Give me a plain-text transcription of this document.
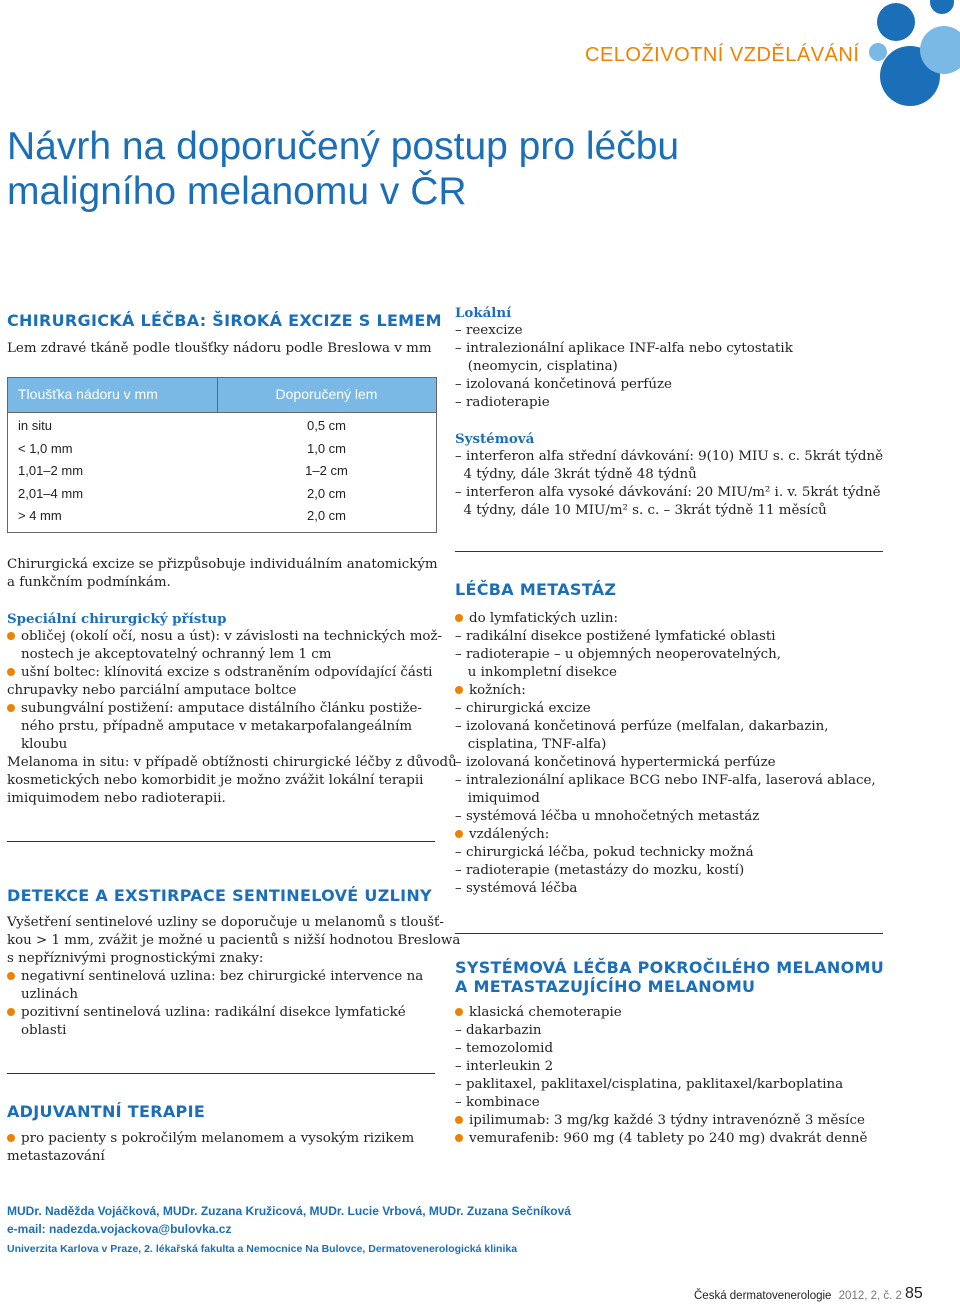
CELOŽIVOTNÍ VZDĚLÁVÁNÍ
Návrh na doporučený postup pro léčbu
maligního melanomu v ČR
CHIRURGICKÁ LÉČBA: ŠIROKÁ EXCIZE S LEMEM
Lem zdravé tkáně podle tloušťky nádoru podle Breslowa v mm
Tloušťka nádoru v mm	Doporučený lem
in situ	0,5 cm
< 1,0 mm	1,0 cm
1,01–2 mm	1–2 cm
2,01–4 mm	2,0 cm
> 4 mm	2,0 cm
Chirurgická excize se přizpůsobuje individuálním anatomickým
a funkčním podmínkám.
Speciální chirurgický přístup
obličej (okolí očí, nosu a úst): v závislosti na technických mož-
nostech je akceptovatelný ochranný lem 1 cm
ušní boltec: klínovitá excize s odstraněním odpovídající části
chrupavky nebo parciální amputace boltce
subungvální postižení: amputace distálního článku postiže-
ného prstu, případně amputace v metakarpofalangeálním
kloubu
Melanoma in situ: v případě obtížnosti chirurgické léčby z důvodů
kosmetických nebo komorbidit je možno zvážit lokální terapii
imiquimodem nebo radioterapii.
DETEKCE A EXSTIRPACE SENTINELOVÉ UZLINY
Vyšetření sentinelové uzliny se doporučuje u melanomů s tloušť-
kou > 1 mm, zvážit je možné u pacientů s nižší hodnotou Breslowa
s nepříznivými prognostickými znaky:
negativní sentinelová uzlina: bez chirurgické intervence na
uzlinách
pozitivní sentinelová uzlina: radikální disekce lymfatické
oblasti
ADJUVANTNÍ TERAPIE
pro pacienty s pokročilým melanomem a vysokým rizikem
metastazování
Lokální
– reexcize
– intralezionální aplikace INF-alfa nebo cytostatik
(neomycin, cisplatina)
– izolovaná končetinová perfúze
– radioterapie
Systémová
– interferon alfa střední dávkování: 9(10) MIU s. c. 5krát týdně
4 týdny, dále 3krát týdně 48 týdnů
– interferon alfa vysoké dávkování: 20 MIU/m² i. v. 5krát týdně
4 týdny, dále 10 MIU/m² s. c. – 3krát týdně 11 měsíců
LÉČBA METASTÁZ
do lymfatických uzlin:
– radikální disekce postižené lymfatické oblasti
– radioterapie – u objemných neoperovatelných,
u inkompletní disekce
kožních:
– chirurgická excize
– izolovaná končetinová perfúze (melfalan, dakarbazin,
cisplatina, TNF-alfa)
– izolovaná končetinová hypertermická perfúze
– intralezionální aplikace BCG nebo INF-alfa, laserová ablace,
imiquimod
– systémová léčba u mnohočetných metastáz
vzdálených:
– chirurgická léčba, pokud technicky možná
– radioterapie (metastázy do mozku, kostí)
– systémová léčba
SYSTÉMOVÁ LÉČBA POKROČILÉHO MELANOMU
A METASTAZUJÍCÍHO MELANOMU
klasická chemoterapie
– dakarbazin
– temozolomid
– interleukin 2
– paklitaxel, paklitaxel/cisplatina, paklitaxel/karboplatina
– kombinace
ipilimumab: 3 mg/kg každé 3 týdny intravenózně 3 měsíce
vemurafenib: 960 mg (4 tablety po 240 mg) dvakrát denně
MUDr. Naděžda Vojáčková, MUDr. Zuzana Kružicová, MUDr. Lucie Vrbová, MUDr. Zuzana Sečníková
e-mail: nadezda.vojackova@bulovka.cz
Univerzita Karlova v Praze, 2. lékařská fakulta a Nemocnice Na Bulovce, Dermatovenerologická klinika
Česká dermatovenerologie 2012, 2, č. 2 85
